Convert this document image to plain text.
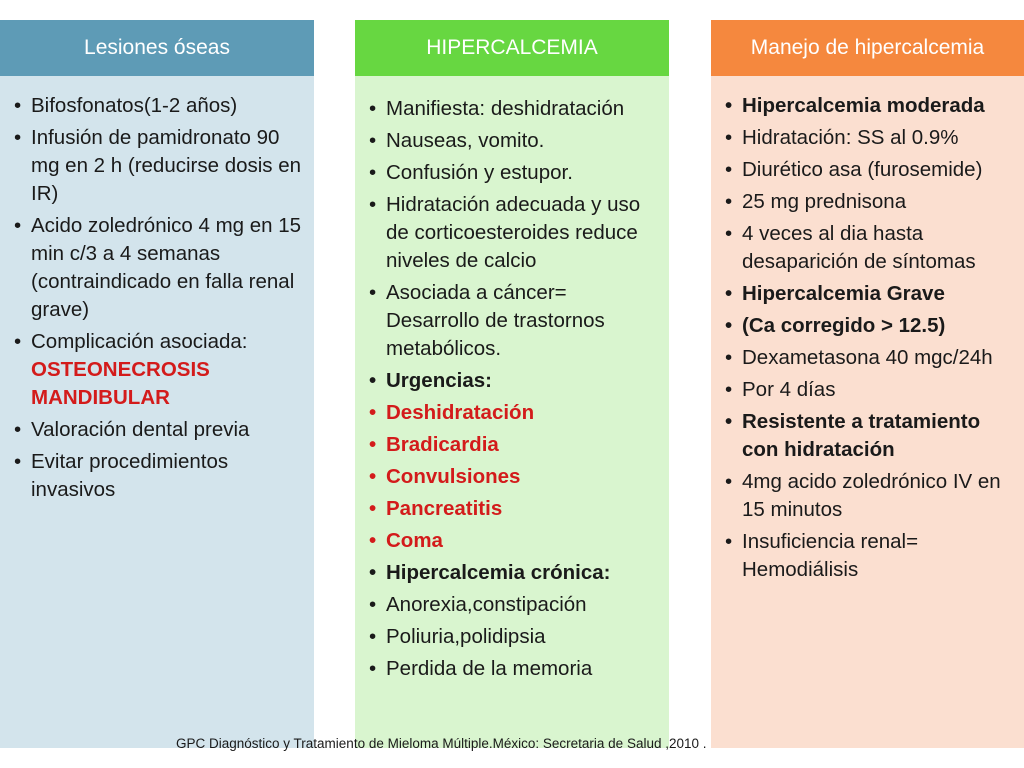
Lesiones óseas
• Bifosfonatos(1-2 años)
• Infusión de pamidronato 90 mg en 2 h (reducirse dosis en IR)
• Acido zoledrónico 4 mg en 15 min c/3 a 4 semanas (contraindicado en falla renal grave)
• Complicación asociada:
OSTEONECROSIS MANDIBULAR
• Valoración dental previa
• Evitar procedimientos invasivos
HIPERCALCEMIA
• Manifiesta: deshidratación
• Nauseas, vomito.
• Confusión y estupor.
• Hidratación adecuada y uso de corticoesteroides reduce niveles de calcio
• Asociada a cáncer= Desarrollo de trastornos metabólicos.
• Urgencias:
• Deshidratación
• Bradicardia
• Convulsiones
• Pancreatitis
• Coma
• Hipercalcemia crónica:
• Anorexia,constipación
• Poliuria,polidipsia
• Perdida de la memoria
Manejo de hipercalcemia
• Hipercalcemia moderada
• Hidratación: SS al 0.9%
• Diurético asa (furosemide)
• 25 mg prednisona
• 4 veces al dia hasta desaparición de síntomas
• Hipercalcemia Grave
• (Ca corregido > 12.5)
• Dexametasona 40 mgc/24h
• Por 4 días
• Resistente a tratamiento con hidratación
• 4mg acido zoledrónico IV en 15 minutos
• Insuficiencia renal= Hemodiálisis
GPC Diagnóstico y Tratamiento de Mieloma Múltiple.México: Secretaria de Salud ,2010 .
